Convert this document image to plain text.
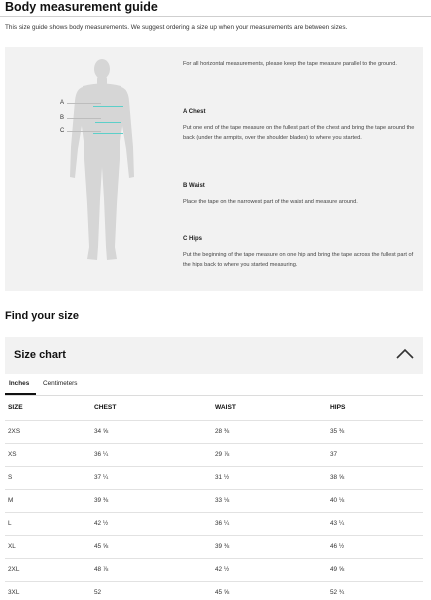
Body measurement guide
This size guide shows body measurements. We suggest ordering a size up when your measurements are between sizes.
A
B
C
For all horizontal measurements, please keep the tape measure parallel to the ground.
A Chest
Put one end of the tape measure on the fullest part of the chest and bring the tape around the back (under the armpits, over the shoulder blades) to where you started.
B Waist
Place the tape on the narrowest part of the waist and measure around.
C Hips
Put the beginning of the tape measure on one hip and bring the tape across the fullest part of the hips back to where you started measuring.
Find your size
Size chart
Inches Centimeters
SIZE	CHEST	WAIST	HIPS
2XS	34 ⅝	28 ⅜	35 ⅜
XS	36 ¼	29 ⅞	37
S	37 ¼	31 ½	38 ⅝
M	39 ⅜	33 ⅛	40 ⅛
L	42 ½	36 ¼	43 ¼
XL	45 ⅝	39 ⅜	46 ½
2XL	48 ⅞	42 ½	49 ⅝
3XL	52	45 ⅝	52 ¾
